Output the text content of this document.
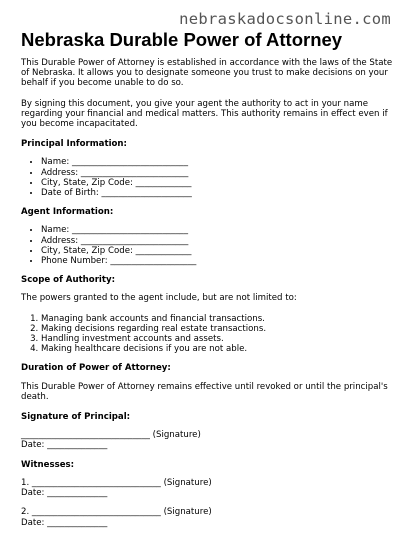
nebraskadocsonline.com
Nebraska Durable Power of Attorney

This Durable Power of Attorney is established in accordance with the laws of the State of Nebraska. It allows you to designate someone you trust to make decisions on your behalf if you become unable to do so.

By signing this document, you give your agent the authority to act in your name regarding your financial and medical matters. This authority remains in effect even if you become incapacitated.

Principal Information:
• Name: ___________________________
• Address: _________________________
• City, State, Zip Code: _____________
• Date of Birth: _____________________
Agent Information:
• Name: ___________________________
• Address: _________________________
• City, State, Zip Code: _____________
• Phone Number: ____________________
Scope of Authority:

The powers granted to the agent include, but are not limited to:

1. Managing bank accounts and financial transactions.
2. Making decisions regarding real estate transactions.
3. Handling investment accounts and assets.
4. Making healthcare decisions if you are not able.
Duration of Power of Attorney:

This Durable Power of Attorney remains effective until revoked or until the principal's death.

Signature of Principal:
______________________________ (Signature)
Date: ______________
Witnesses:
1. ______________________________ (Signature)
Date: ______________
2. ______________________________ (Signature)
Date: ______________
